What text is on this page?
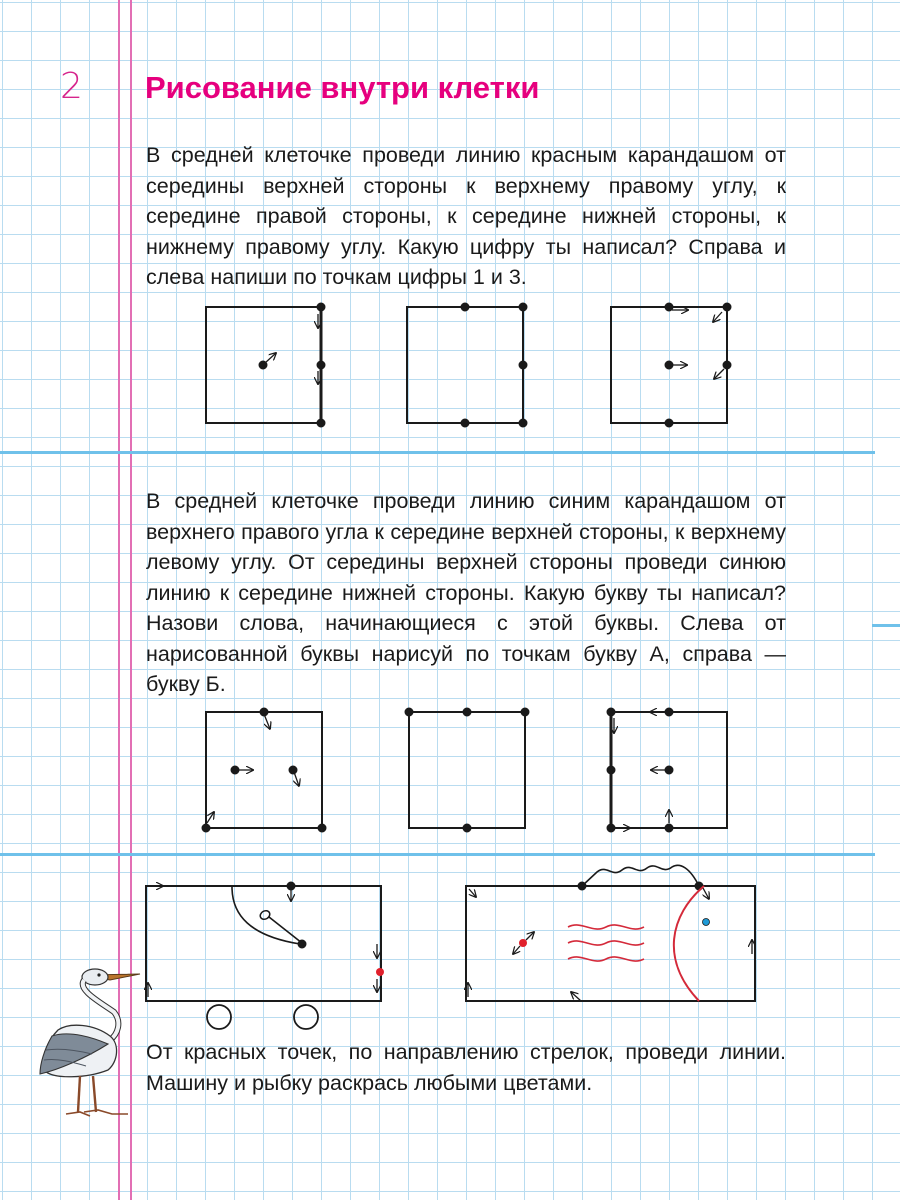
2 Рисование внутри клетки
В средней клеточке проведи линию красным карандашом от середины верхней стороны к верхнему правому углу, к середине правой стороны, к середине нижней стороны, к нижнему правому углу. Какую цифру ты написал? Справа и слева напиши по точкам цифры 1 и 3.
В средней клеточке проведи линию синим карандашом от верхнего правого угла к середине верхней стороны, к верхнему левому углу. От середины верхней стороны проведи синюю линию к середине нижней стороны. Какую букву ты написал? Назови слова, начинающиеся с этой буквы. Слева от нарисованной буквы нарисуй по точкам букву А, справа — букву Б.
От красных точек, по направлению стрелок, проведи линии. Машину и рыбку раскрась любыми цветами.
